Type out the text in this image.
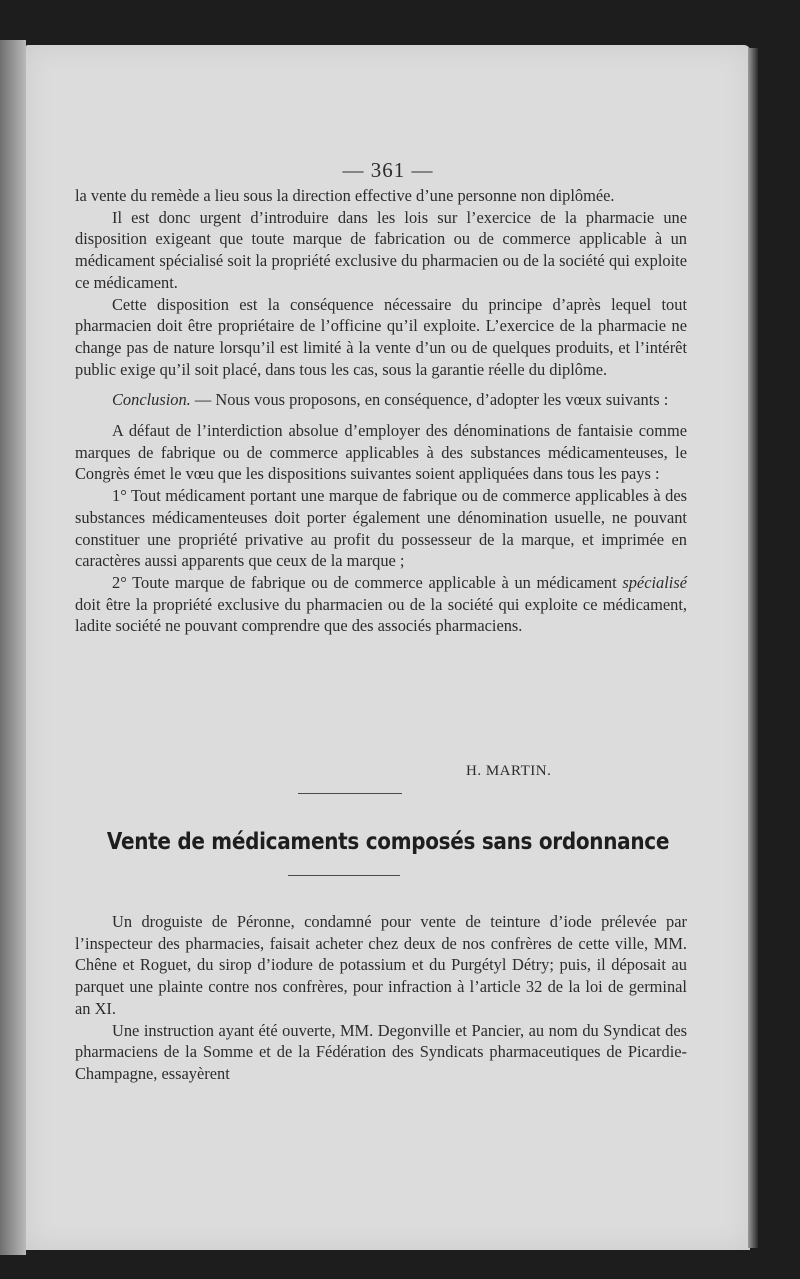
— 361 —

la vente du remède a lieu sous la direction effective d’une personne non diplômée.

Il est donc urgent d’introduire dans les lois sur l’exercice de la pharmacie une disposition exigeant que toute marque de fabrication ou de commerce applicable à un médicament spécialisé soit la propriété exclusive du pharmacien ou de la société qui exploite ce médicament.

Cette disposition est la conséquence nécessaire du principe d’après lequel tout pharmacien doit être propriétaire de l’officine qu’il exploite. L’exercice de la pharmacie ne change pas de nature lorsqu’il est limité à la vente d’un ou de quelques produits, et l’intérêt public exige qu’il soit placé, dans tous les cas, sous la garantie réelle du diplôme.

Conclusion. — Nous vous proposons, en conséquence, d’adopter les vœux suivants :

A défaut de l’interdiction absolue d’employer des dénominations de fantaisie comme marques de fabrique ou de commerce applicables à des substances médicamenteuses, le Congrès émet le vœu que les dispositions suivantes soient appliquées dans tous les pays :

1° Tout médicament portant une marque de fabrique ou de commerce applicables à des substances médicamenteuses doit porter également une dénomination usuelle, ne pouvant constituer une propriété privative au profit du possesseur de la marque, et imprimée en caractères aussi apparents que ceux de la marque ;

2° Toute marque de fabrique ou de commerce applicable à un médicament spécialisé doit être la propriété exclusive du pharmacien ou de la société qui exploite ce médicament, ladite société ne pouvant comprendre que des associés pharmaciens.

H. MARTIN.
Vente de médicaments composés sans ordonnance

Un droguiste de Péronne, condamné pour vente de teinture d’iode prélevée par l’inspecteur des pharmacies, faisait acheter chez deux de nos confrères de cette ville, MM. Chêne et Roguet, du sirop d’iodure de potassium et du Purgétyl Détry; puis, il déposait au parquet une plainte contre nos confrères, pour infraction à l’article 32 de la loi de germinal an XI.

Une instruction ayant été ouverte, MM. Degonville et Pancier, au nom du Syndicat des pharmaciens de la Somme et de la Fédération des Syndicats pharmaceutiques de Picardie-Champagne, essayèrent
